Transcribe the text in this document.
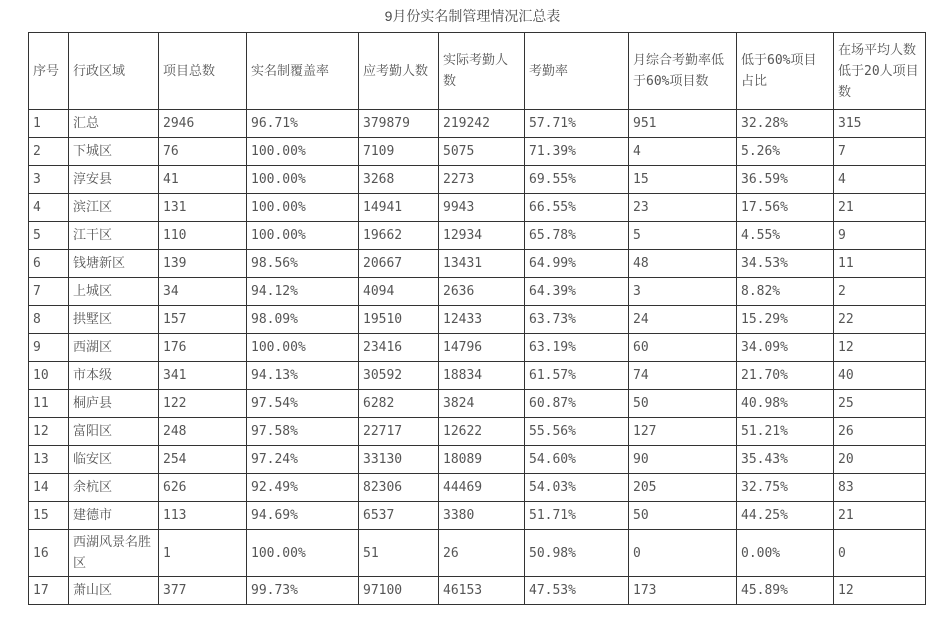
9月份实名制管理情况汇总表
序号	行政区域	项目总数	实名制覆盖率	应考勤人数	实际考勤人数	考勤率	月综合考勤率低于60%项目数	低于60%项目占比	在场平均人数低于20人项目数
1	汇总	2946	96.71%	379879	219242	57.71%	951	32.28%	315
2	下城区	76	100.00%	7109	5075	71.39%	4	5.26%	7
3	淳安县	41	100.00%	3268	2273	69.55%	15	36.59%	4
4	滨江区	131	100.00%	14941	9943	66.55%	23	17.56%	21
5	江干区	110	100.00%	19662	12934	65.78%	5	4.55%	9
6	钱塘新区	139	98.56%	20667	13431	64.99%	48	34.53%	11
7	上城区	34	94.12%	4094	2636	64.39%	3	8.82%	2
8	拱墅区	157	98.09%	19510	12433	63.73%	24	15.29%	22
9	西湖区	176	100.00%	23416	14796	63.19%	60	34.09%	12
10	市本级	341	94.13%	30592	18834	61.57%	74	21.70%	40
11	桐庐县	122	97.54%	6282	3824	60.87%	50	40.98%	25
12	富阳区	248	97.58%	22717	12622	55.56%	127	51.21%	26
13	临安区	254	97.24%	33130	18089	54.60%	90	35.43%	20
14	余杭区	626	92.49%	82306	44469	54.03%	205	32.75%	83
15	建德市	113	94.69%	6537	3380	51.71%	50	44.25%	21
16	西湖风景名胜区	1	100.00%	51	26	50.98%	0	0.00%	0
17	萧山区	377	99.73%	97100	46153	47.53%	173	45.89%	12
